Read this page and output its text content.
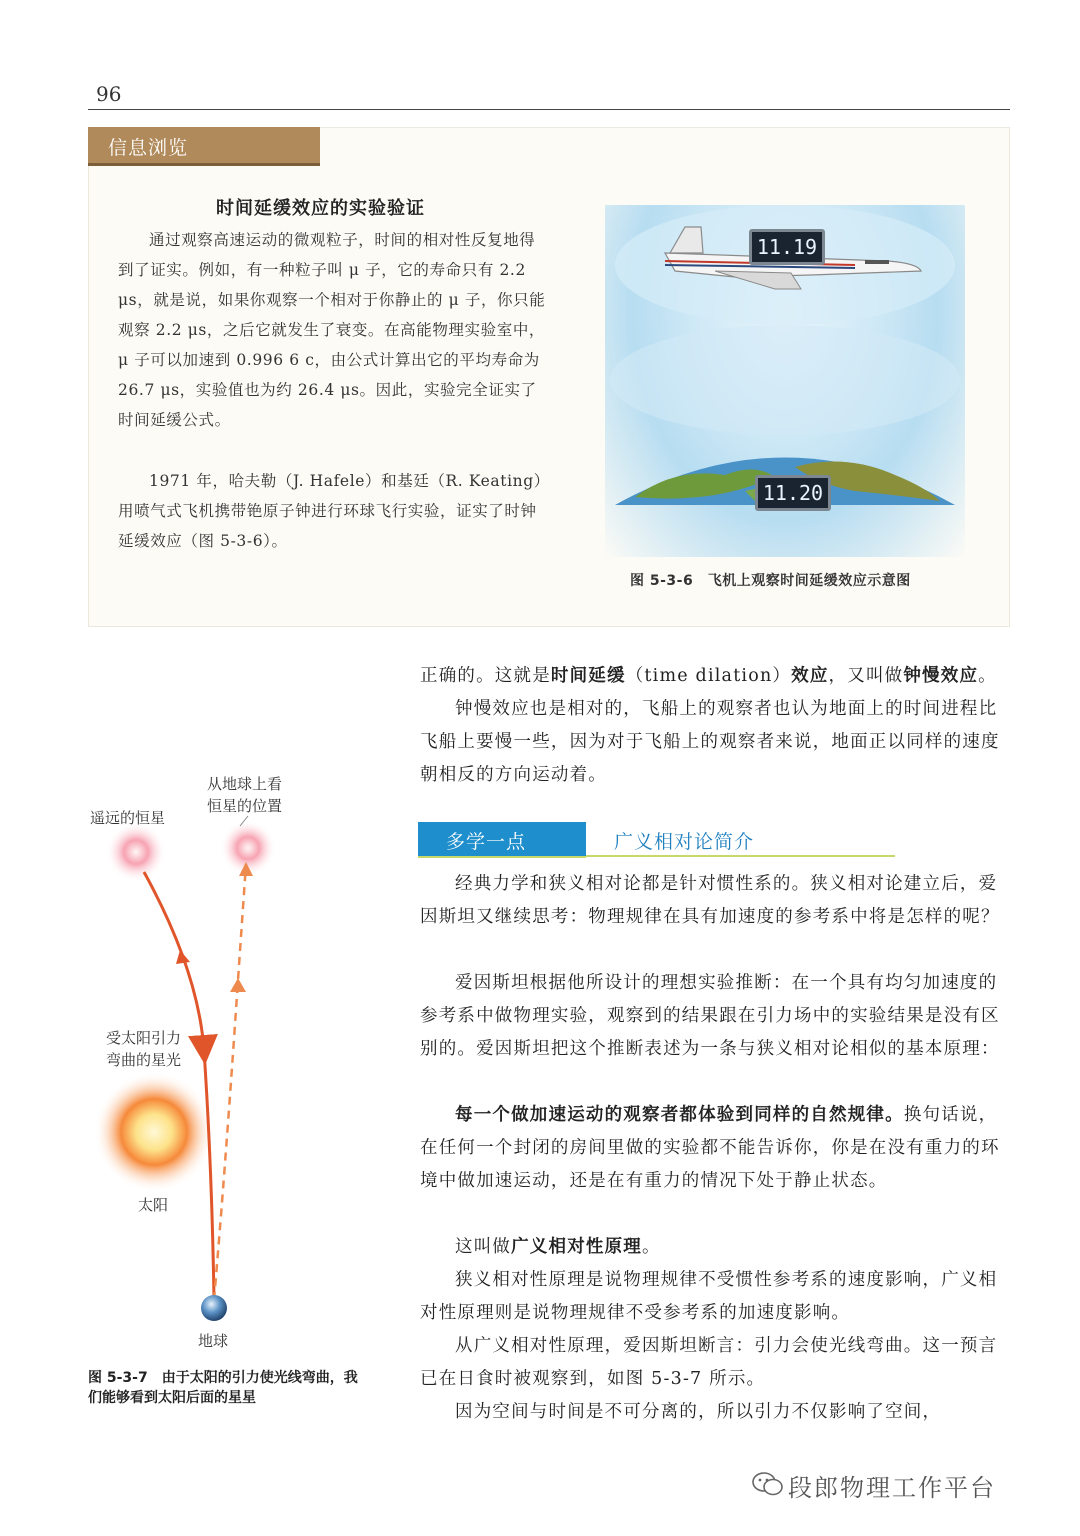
96
信息浏览
时间延缓效应的实验验证
通过观察高速运动的微观粒子，时间的相对性反复地得到了证实。例如，有一种粒子叫 μ 子，它的寿命只有 2.2 μs，就是说，如果你观察一个相对于你静止的 μ 子，你只能观察 2.2 μs，之后它就发生了衰变。在高能物理实验室中，μ 子可以加速到 0.996 6 c，由公式计算出它的平均寿命为 26.7 μs，实验值也为约 26.4 μs。因此，实验完全证实了时间延缓公式。
1971 年，哈夫勒（J. Hafele）和基廷（R. Keating）用喷气式飞机携带铯原子钟进行环球飞行实验，证实了时钟延缓效应（图 5-3-6）。
11.19
11.20
图 5-3-6　飞机上观察时间延缓效应示意图
遥远的恒星
从地球上看
恒星的位置
受太阳引力
弯曲的星光
太阳
地球
图 5-3-7　由于太阳的引力使光线弯曲，我们能够看到太阳后面的星星
正确的。这就是时间延缓（time dilation）效应，又叫做钟慢效应。
钟慢效应也是相对的，飞船上的观察者也认为地面上的时间进程比飞船上要慢一些，因为对于飞船上的观察者来说，地面正以同样的速度朝相反的方向运动着。
多学一点	广义相对论简介
经典力学和狭义相对论都是针对惯性系的。狭义相对论建立后，爱因斯坦又继续思考：物理规律在具有加速度的参考系中将是怎样的呢？
爱因斯坦根据他所设计的理想实验推断：在一个具有均匀加速度的参考系中做物理实验，观察到的结果跟在引力场中的实验结果是没有区别的。爱因斯坦把这个推断表述为一条与狭义相对论相似的基本原理：
每一个做加速运动的观察者都体验到同样的自然规律。换句话说，在任何一个封闭的房间里做的实验都不能告诉你，你是在没有重力的环境中做加速运动，还是在有重力的情况下处于静止状态。
这叫做广义相对性原理。
狭义相对性原理是说物理规律不受惯性参考系的速度影响，广义相对性原理则是说物理规律不受参考系的加速度影响。
从广义相对性原理，爱因斯坦断言：引力会使光线弯曲。这一预言已在日食时被观察到，如图 5-3-7 所示。
因为空间与时间是不可分离的，所以引力不仅影响了空间，
段郎物理工作平台
